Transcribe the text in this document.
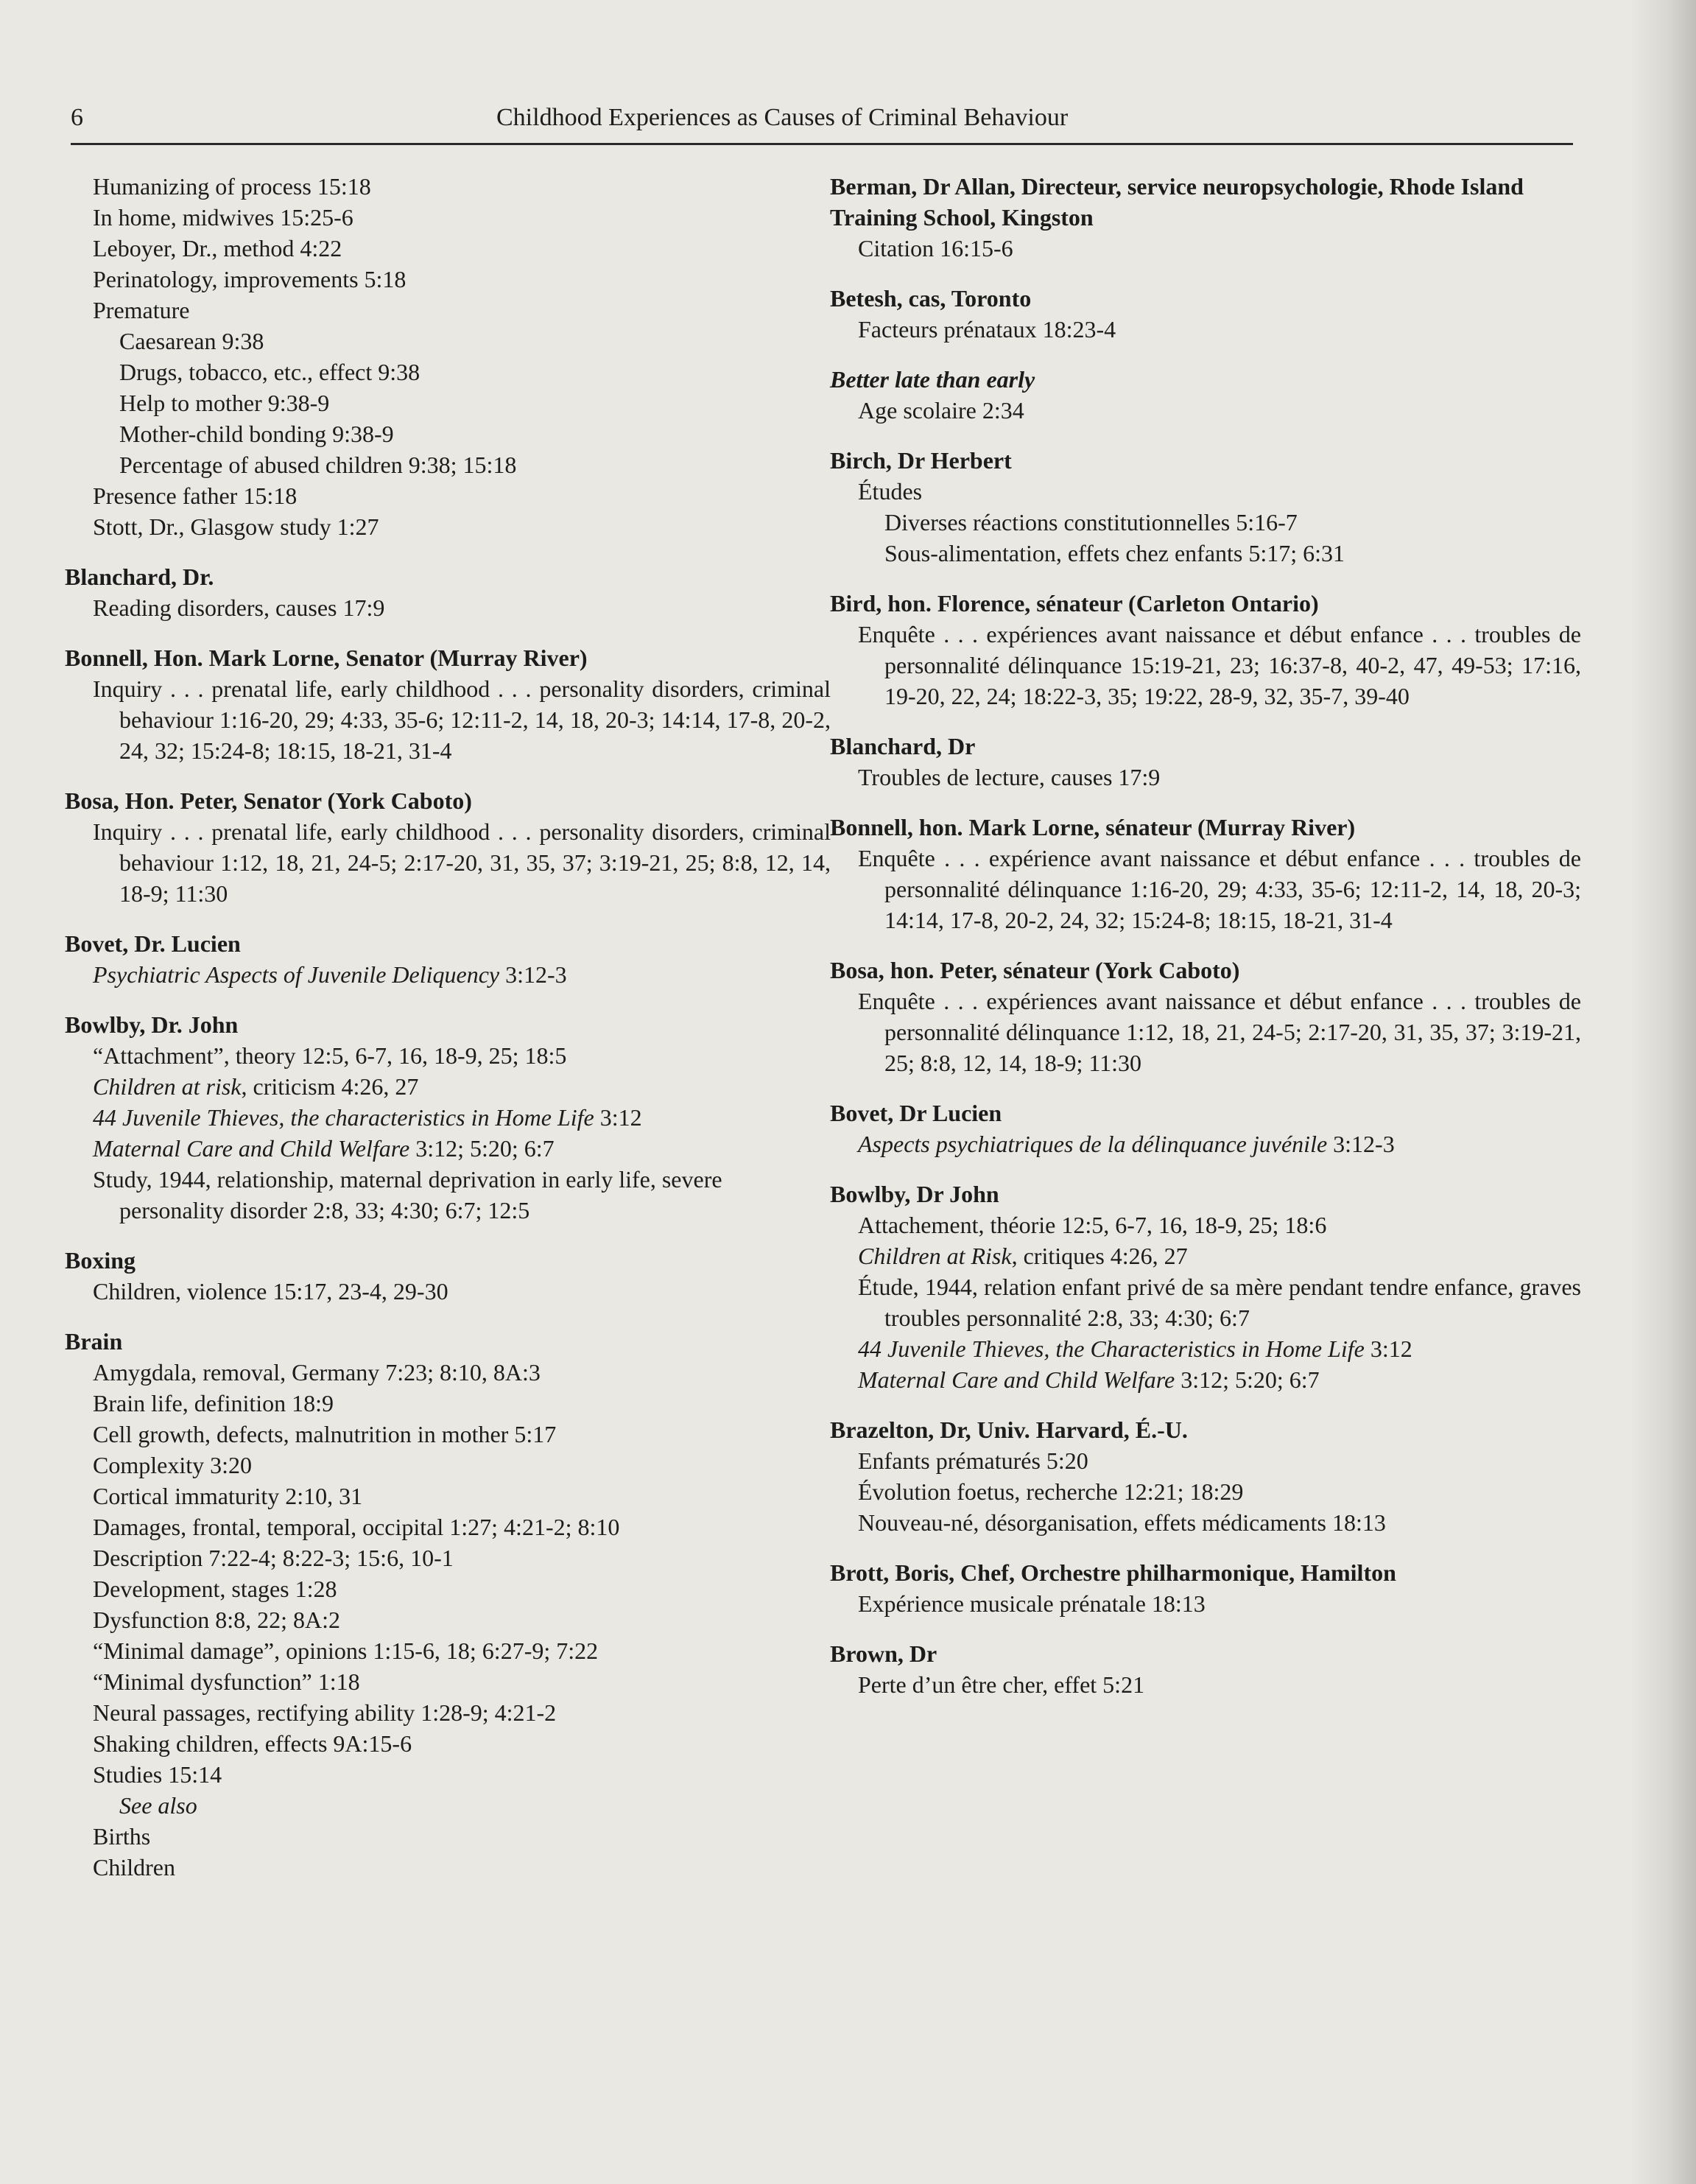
6	Childhood Experiences as Causes of Criminal Behaviour
Humanizing of process 15:18
In home, midwives 15:25-6
Leboyer, Dr., method 4:22
Perinatology, improvements 5:18
Premature
Caesarean 9:38
Drugs, tobacco, etc., effect 9:38
Help to mother 9:38-9
Mother-child bonding 9:38-9
Percentage of abused children 9:38; 15:18
Presence father 15:18
Stott, Dr., Glasgow study 1:27
Blanchard, Dr.
Reading disorders, causes 17:9
Bonnell, Hon. Mark Lorne, Senator (Murray River)
Inquiry . . . prenatal life, early childhood . . . personality disorders, criminal behaviour 1:16-20, 29; 4:33, 35-6; 12:11-2, 14, 18, 20-3; 14:14, 17-8, 20-2, 24, 32; 15:24-8; 18:15, 18-21, 31-4
Bosa, Hon. Peter, Senator (York Caboto)
Inquiry . . . prenatal life, early childhood . . . personality disorders, criminal behaviour 1:12, 18, 21, 24-5; 2:17-20, 31, 35, 37; 3:19-21, 25; 8:8, 12, 14, 18-9; 11:30
Bovet, Dr. Lucien
Psychiatric Aspects of Juvenile Deliquency 3:12-3
Bowlby, Dr. John
“Attachment”, theory 12:5, 6-7, 16, 18-9, 25; 18:5
Children at risk, criticism 4:26, 27
44 Juvenile Thieves, the characteristics in Home Life 3:12
Maternal Care and Child Welfare 3:12; 5:20; 6:7
Study, 1944, relationship, maternal deprivation in early life, severe personality disorder 2:8, 33; 4:30; 6:7; 12:5
Boxing
Children, violence 15:17, 23-4, 29-30
Brain
Amygdala, removal, Germany 7:23; 8:10, 8A:3
Brain life, definition 18:9
Cell growth, defects, malnutrition in mother 5:17
Complexity 3:20
Cortical immaturity 2:10, 31
Damages, frontal, temporal, occipital 1:27; 4:21-2; 8:10
Description 7:22-4; 8:22-3; 15:6, 10-1
Development, stages 1:28
Dysfunction 8:8, 22; 8A:2
“Minimal damage”, opinions 1:15-6, 18; 6:27-9; 7:22
“Minimal dysfunction” 1:18
Neural passages, rectifying ability 1:28-9; 4:21-2
Shaking children, effects 9A:15-6
Studies 15:14
See also
Births
Children
Berman, Dr Allan, Directeur, service neuropsychologie, Rhode Island Training School, Kingston
Citation 16:15-6
Betesh, cas, Toronto
Facteurs prénataux 18:23-4
Better late than early
Age scolaire 2:34
Birch, Dr Herbert
Études
Diverses réactions constitutionnelles 5:16-7
Sous-alimentation, effets chez enfants 5:17; 6:31
Bird, hon. Florence, sénateur (Carleton Ontario)
Enquête . . . expériences avant naissance et début enfance . . . troubles de personnalité délinquance 15:19-21, 23; 16:37-8, 40-2, 47, 49-53; 17:16, 19-20, 22, 24; 18:22-3, 35; 19:22, 28-9, 32, 35-7, 39-40
Blanchard, Dr
Troubles de lecture, causes 17:9
Bonnell, hon. Mark Lorne, sénateur (Murray River)
Enquête . . . expérience avant naissance et début enfance . . . troubles de personnalité délinquance 1:16-20, 29; 4:33, 35-6; 12:11-2, 14, 18, 20-3; 14:14, 17-8, 20-2, 24, 32; 15:24-8; 18:15, 18-21, 31-4
Bosa, hon. Peter, sénateur (York Caboto)
Enquête . . . expériences avant naissance et début enfance . . . troubles de personnalité délinquance 1:12, 18, 21, 24-5; 2:17-20, 31, 35, 37; 3:19-21, 25; 8:8, 12, 14, 18-9; 11:30
Bovet, Dr Lucien
Aspects psychiatriques de la délinquance juvénile 3:12-3
Bowlby, Dr John
Attachement, théorie 12:5, 6-7, 16, 18-9, 25; 18:6
Children at Risk, critiques 4:26, 27
Étude, 1944, relation enfant privé de sa mère pendant tendre enfance, graves troubles personnalité 2:8, 33; 4:30; 6:7
44 Juvenile Thieves, the Characteristics in Home Life 3:12
Maternal Care and Child Welfare 3:12; 5:20; 6:7
Brazelton, Dr, Univ. Harvard, É.-U.
Enfants prématurés 5:20
Évolution foetus, recherche 12:21; 18:29
Nouveau-né, désorganisation, effets médicaments 18:13
Brott, Boris, Chef, Orchestre philharmonique, Hamilton
Expérience musicale prénatale 18:13
Brown, Dr
Perte d’un être cher, effet 5:21
